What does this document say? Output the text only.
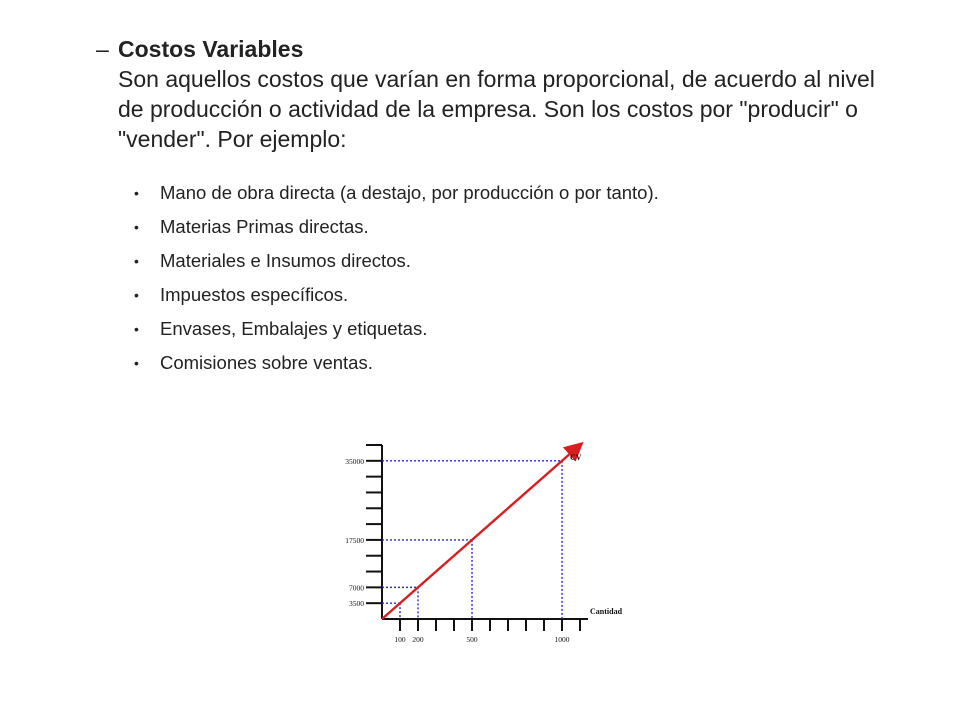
– Costos Variables
Son aquellos costos que varían en forma proporcional, de acuerdo al nivel de producción o actividad de la empresa. Son los costos por "producir" o "vender". Por ejemplo:
• Mano de obra directa (a destajo, por producción o por tanto).
• Materias Primas directas.
• Materiales e Insumos directos.
• Impuestos específicos.
• Envases, Embalajes y etiquetas.
• Comisiones sobre ventas.
3500
7000
17500
35000
100 200	500	1000
CV
Cantidad
